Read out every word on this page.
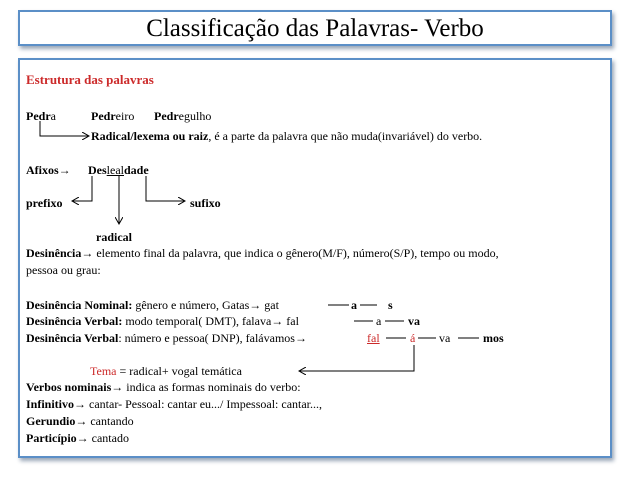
Classificação das Palavras- Verbo
Estrutura das palavras
Pedra	Pedreiro Pedregulho
Radical/lexema ou raiz, é a parte da palavra que não muda(invariável) do verbo.
Afixos→ Deslealdade
prefixo	sufixo
radical
Desinência→ elemento final da palavra, que indica o gênero(M/F), número(S/P), tempo ou modo,
pessoa ou grau:
Desinência Nominal: gênero e número, Gatas→ gat	a	s
Desinência Verbal: modo temporal( DMT), falava→ fal	a va
Desinência Verbal: número e pessoa( DNP), falávamos→	fal	á va	mos
Tema = radical+ vogal temática
Verbos nominais→ indica as formas nominais do verbo:
Infinitivo→ cantar- Pessoal: cantar eu.../ Impessoal: cantar...,
Gerundio→ cantando
Particípio→ cantado
